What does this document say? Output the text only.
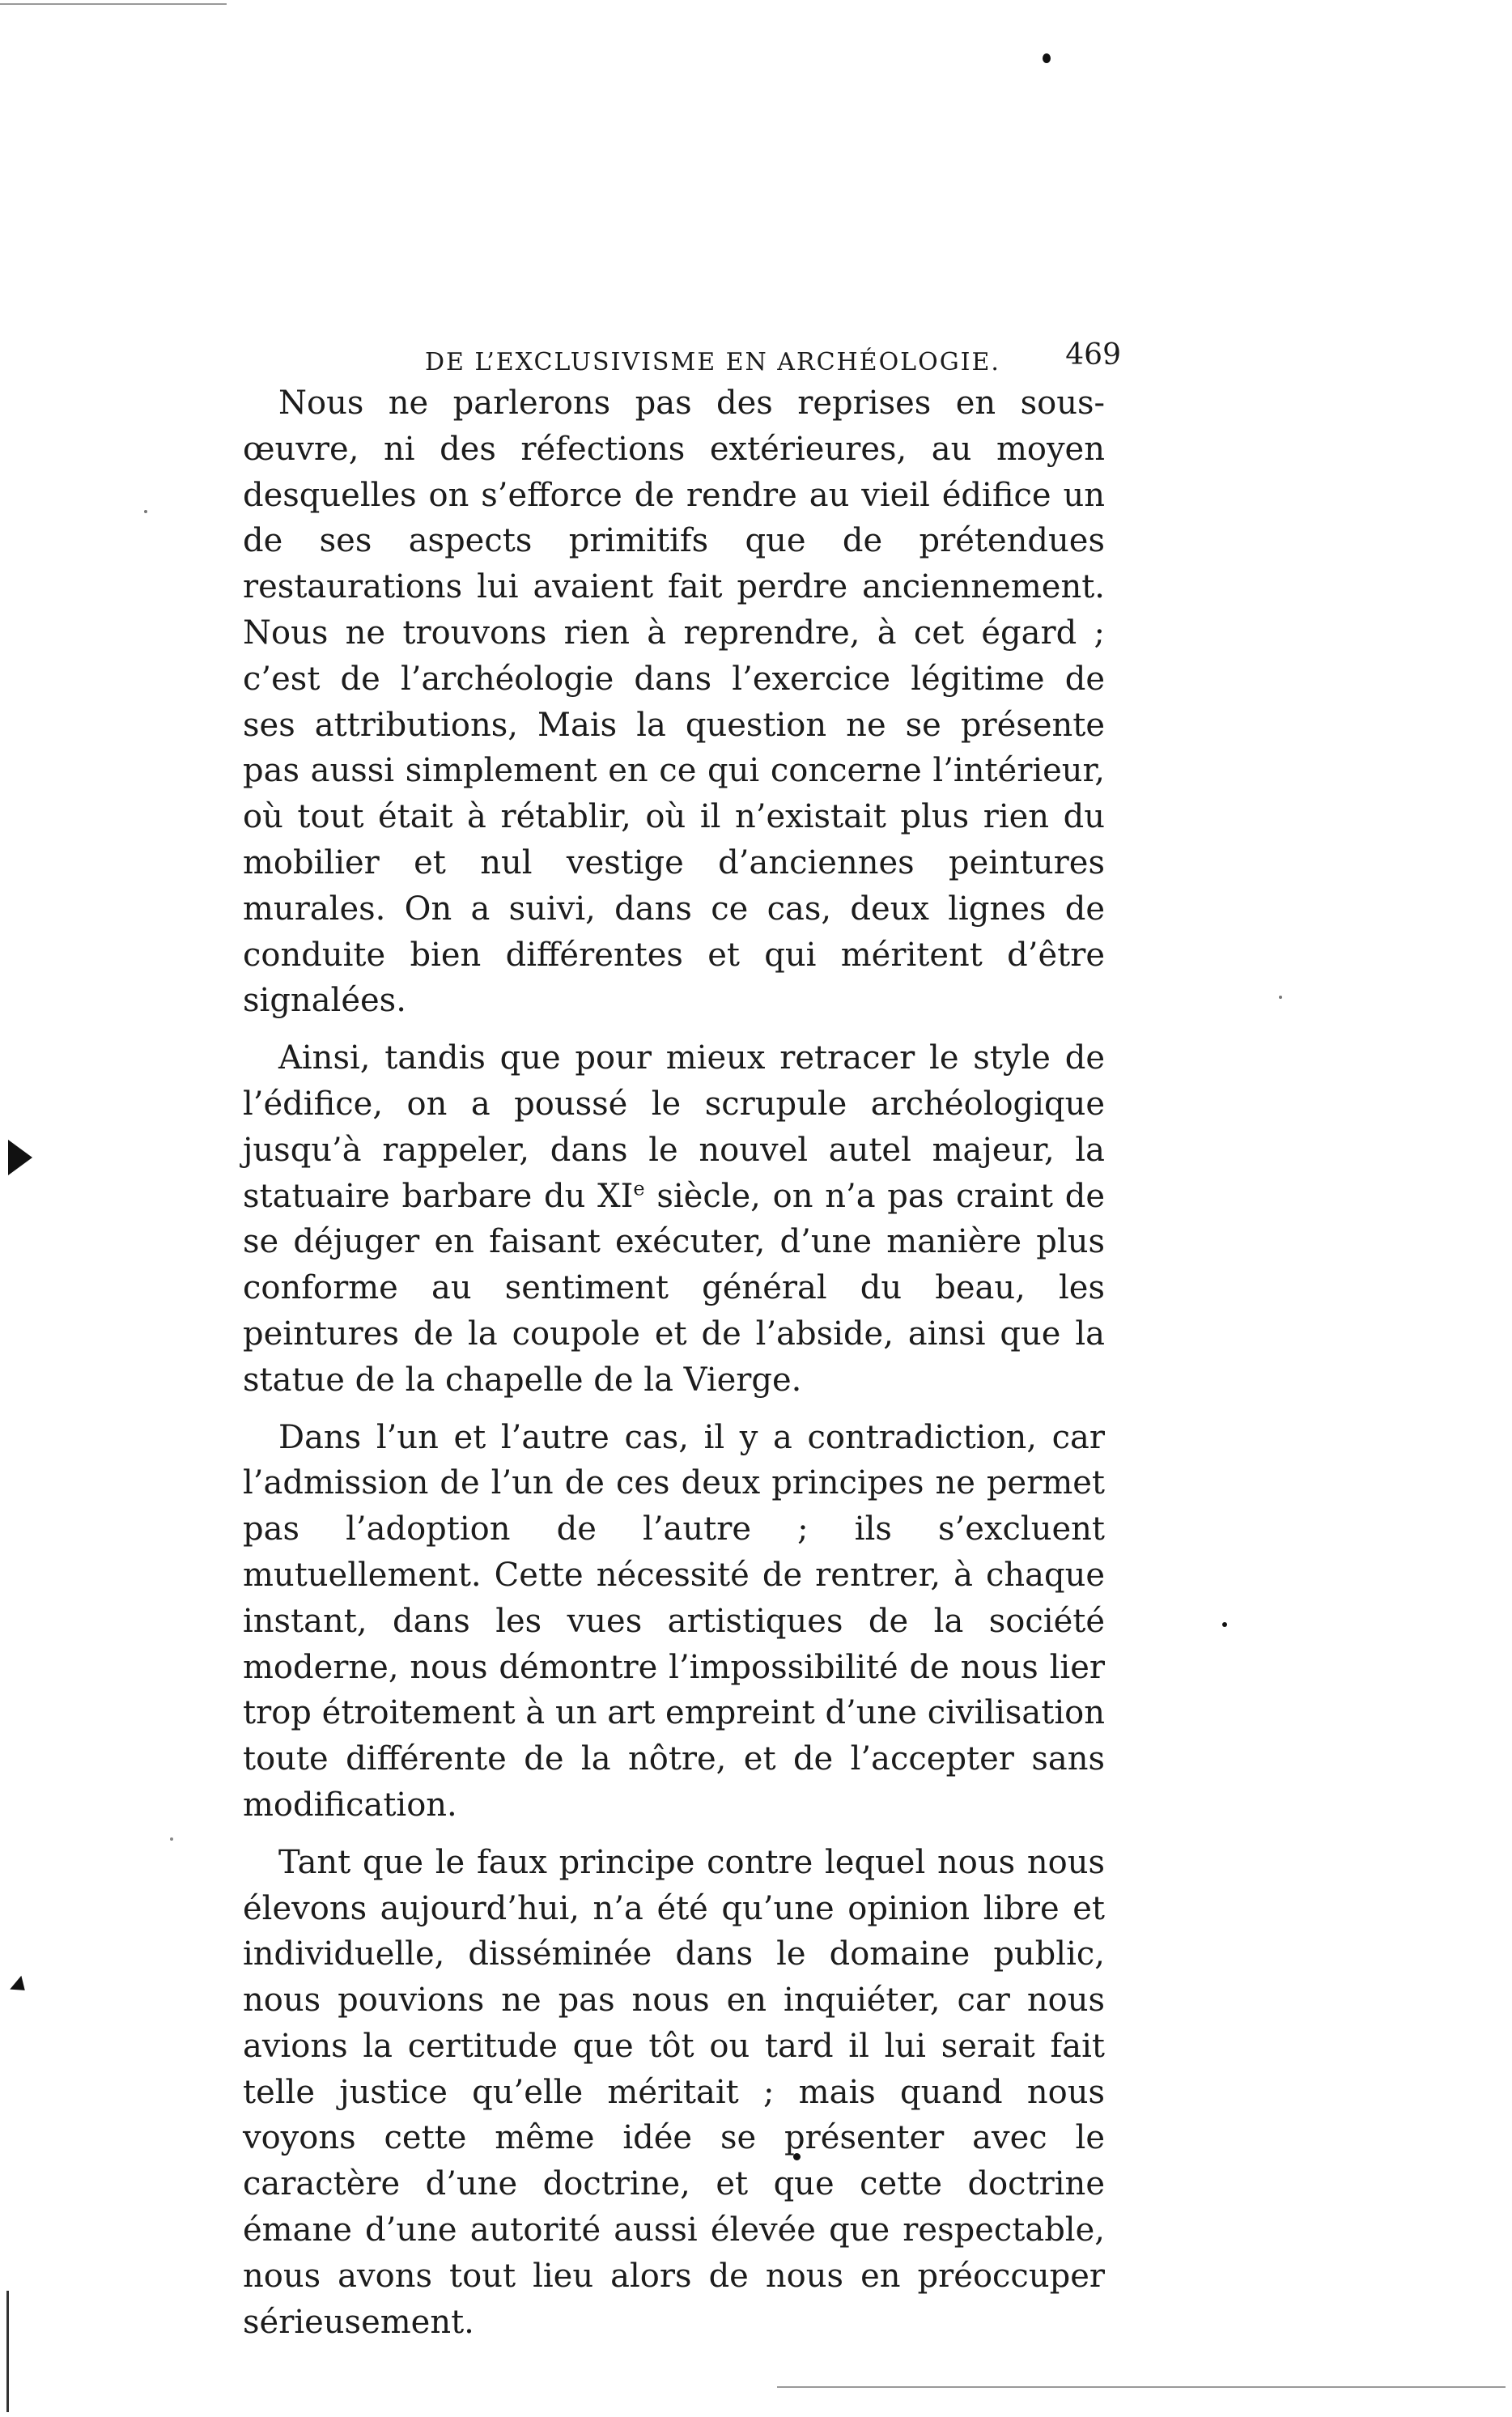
DE L’EXCLUSIVISME EN ARCHÉOLOGIE. 469

Nous ne parlerons pas des reprises en sous-œuvre, ni des réfections extérieures, au moyen desquelles on s’efforce de rendre au vieil édifice un de ses aspects primitifs que de prétendues restaurations lui avaient fait perdre anciennement. Nous ne trouvons rien à reprendre, à cet égard ; c’est de l’archéologie dans l’exercice légitime de ses attributions, Mais la question ne se présente pas aussi simplement en ce qui concerne l’intérieur, où tout était à rétablir, où il n’existait plus rien du mobilier et nul vestige d’anciennes peintures murales. On a suivi, dans ce cas, deux lignes de conduite bien différentes et qui méritent d’être signalées.

Ainsi, tandis que pour mieux retracer le style de l’édifice, on a poussé le scrupule archéologique jusqu’à rappeler, dans le nouvel autel majeur, la statuaire barbare du XIe siècle, on n’a pas craint de se déjuger en faisant exécuter, d’une manière plus conforme au sentiment général du beau, les peintures de la coupole et de l’abside, ainsi que la statue de la chapelle de la Vierge.

Dans l’un et l’autre cas, il y a contradiction, car l’admission de l’un de ces deux principes ne permet pas l’adoption de l’autre ; ils s’excluent mutuellement. Cette nécessité de rentrer, à chaque instant, dans les vues artistiques de la société moderne, nous démontre l’impossibilité de nous lier trop étroitement à un art empreint d’une civilisation toute différente de la nôtre, et de l’accepter sans modification.

Tant que le faux principe contre lequel nous nous élevons aujourd’hui, n’a été qu’une opinion libre et individuelle, disséminée dans le domaine public, nous pouvions ne pas nous en inquiéter, car nous avions la certitude que tôt ou tard il lui serait fait telle justice qu’elle méritait ; mais quand nous voyons cette même idée se présenter avec le caractère d’une doctrine, et que cette doctrine émane d’une autorité aussi élevée que respectable, nous avons tout lieu alors de nous en préoccuper sérieusement.
